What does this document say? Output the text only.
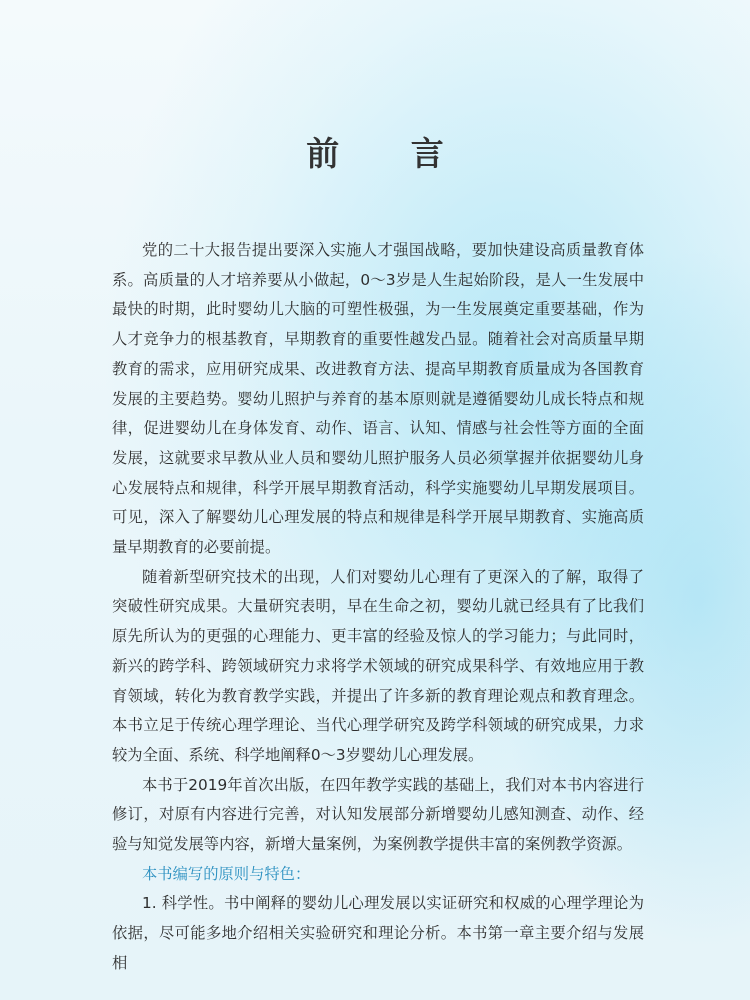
前 言

党的二十大报告提出要深入实施人才强国战略，要加快建设高质量教育体系。高质量的人才培养要从小做起，0～3岁是人生起始阶段，是人一生发展中最快的时期，此时婴幼儿大脑的可塑性极强，为一生发展奠定重要基础，作为人才竞争力的根基教育，早期教育的重要性越发凸显。随着社会对高质量早期教育的需求，应用研究成果、改进教育方法、提高早期教育质量成为各国教育发展的主要趋势。婴幼儿照护与养育的基本原则就是遵循婴幼儿成长特点和规律，促进婴幼儿在身体发育、动作、语言、认知、情感与社会性等方面的全面发展，这就要求早教从业人员和婴幼儿照护服务人员必须掌握并依据婴幼儿身心发展特点和规律，科学开展早期教育活动，科学实施婴幼儿早期发展项目。可见，深入了解婴幼儿心理发展的特点和规律是科学开展早期教育、实施高质量早期教育的必要前提。

随着新型研究技术的出现，人们对婴幼儿心理有了更深入的了解，取得了突破性研究成果。大量研究表明，早在生命之初，婴幼儿就已经具有了比我们原先所认为的更强的心理能力、更丰富的经验及惊人的学习能力；与此同时，新兴的跨学科、跨领域研究力求将学术领域的研究成果科学、有效地应用于教育领域，转化为教育教学实践，并提出了许多新的教育理论观点和教育理念。本书立足于传统心理学理论、当代心理学研究及跨学科领域的研究成果，力求较为全面、系统、科学地阐释0～3岁婴幼儿心理发展。

本书于2019年首次出版，在四年教学实践的基础上，我们对本书内容进行修订，对原有内容进行完善，对认知发展部分新增婴幼儿感知测查、动作、经验与知觉发展等内容，新增大量案例，为案例教学提供丰富的案例教学资源。

本书编写的原则与特色：

1. 科学性。书中阐释的婴幼儿心理发展以实证研究和权威的心理学理论为依据，尽可能多地介绍相关实验研究和理论分析。本书第一章主要介绍与发展相
